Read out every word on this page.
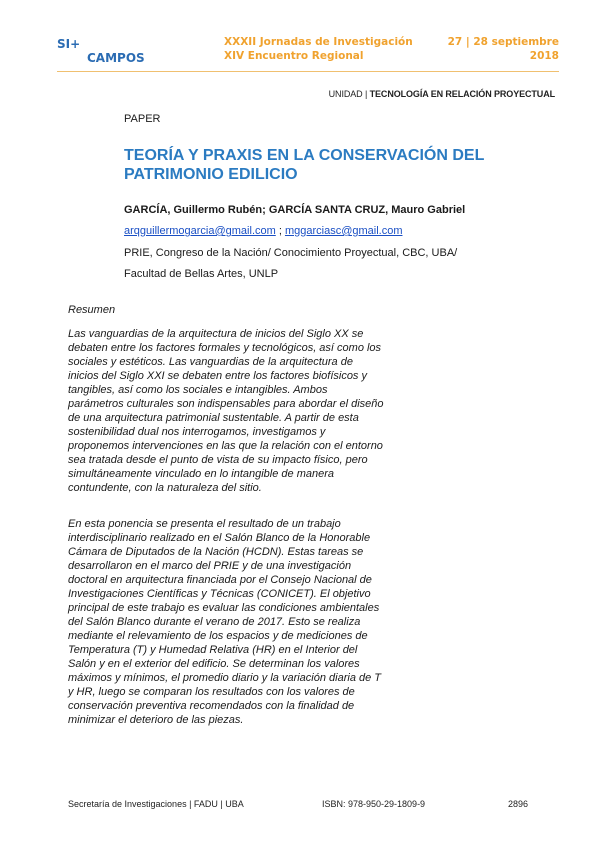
SI+
CAMPOS
XXXII Jornadas de Investigación
XIV Encuentro Regional
27 | 28 septiembre
2018
UNIDAD | TECNOLOGÍA EN RELACIÓN PROYECTUAL
PAPER
TEORÍA Y PRAXIS EN LA CONSERVACIÓN DEL PATRIMONIO EDILICIO
GARCÍA, Guillermo Rubén; GARCÍA SANTA CRUZ, Mauro Gabriel
arqguillermogarcia@gmail.com ; mggarciasc@gmail.com
PRIE, Congreso de la Nación/ Conocimiento Proyectual, CBC, UBA/
Facultad de Bellas Artes, UNLP
Resumen
Las vanguardias de la arquitectura de inicios del Siglo XX se debaten entre los factores formales y tecnológicos, así como los sociales y estéticos. Las vanguardias de la arquitectura de inicios del Siglo XXI se debaten entre los factores biofísicos y tangibles, así como los sociales e intangibles. Ambos parámetros culturales son indispensables para abordar el diseño de una arquitectura patrimonial sustentable. A partir de esta sostenibilidad dual nos interrogamos, investigamos y proponemos intervenciones en las que la relación con el entorno sea tratada desde el punto de vista de su impacto físico, pero simultáneamente vinculado en lo intangible de manera contundente, con la naturaleza del sitio.
En esta ponencia se presenta el resultado de un trabajo interdisciplinario realizado en el Salón Blanco de la Honorable Cámara de Diputados de la Nación (HCDN). Estas tareas se desarrollaron en el marco del PRIE y de una investigación doctoral en arquitectura financiada por el Consejo Nacional de Investigaciones Científicas y Técnicas (CONICET). El objetivo principal de este trabajo es evaluar las condiciones ambientales del Salón Blanco durante el verano de 2017. Esto se realiza mediante el relevamiento de los espacios y de mediciones de Temperatura (T) y Humedad Relativa (HR) en el Interior del Salón y en el exterior del edificio. Se determinan los valores máximos y mínimos, el promedio diario y la variación diaria de T y HR, luego se comparan los resultados con los valores de conservación preventiva recomendados con la finalidad de minimizar el deterioro de las piezas.
Secretaría de Investigaciones | FADU | UBA	ISBN: 978-950-29-1809-9	2896
